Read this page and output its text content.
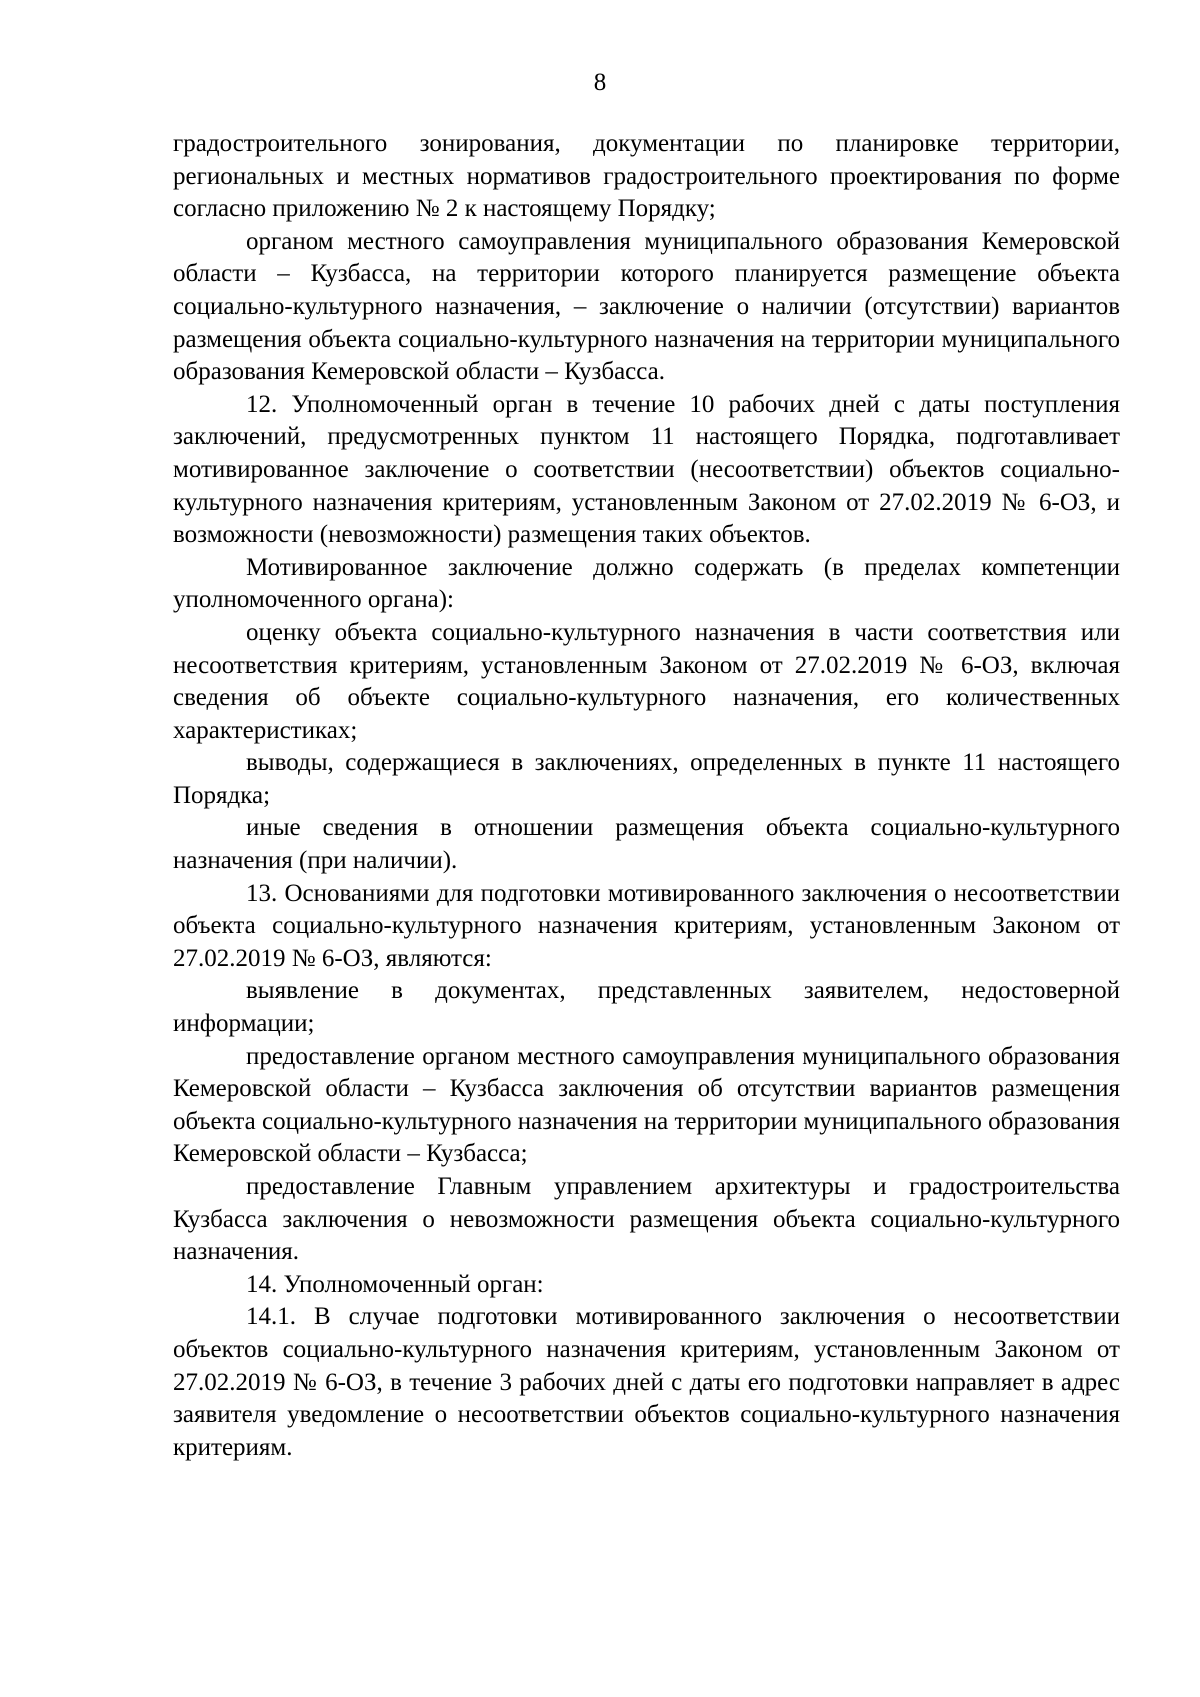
8

градостроительного зонирования, документации по планировке территории, региональных и местных нормативов градостроительного проектирования по форме согласно приложению № 2 к настоящему Порядку;

органом местного самоуправления муниципального образования Кемеровской области – Кузбасса, на территории которого планируется размещение объекта социально-культурного назначения, – заключение о наличии (отсутствии) вариантов размещения объекта социально-культурного назначения на территории муниципального образования Кемеровской области – Кузбасса.

12. Уполномоченный орган в течение 10 рабочих дней с даты поступления заключений, предусмотренных пунктом 11 настоящего Порядка, подготавливает мотивированное заключение о соответствии (несоответствии) объектов социально-культурного назначения критериям, установленным Законом от 27.02.2019 № 6-ОЗ, и возможности (невозможности) размещения таких объектов.

Мотивированное заключение должно содержать (в пределах компетенции уполномоченного органа):

оценку объекта социально-культурного назначения в части соответствия или несоответствия критериям, установленным Законом от 27.02.2019 № 6-ОЗ, включая сведения об объекте социально-культурного назначения, его количественных характеристиках;

выводы, содержащиеся в заключениях, определенных в пункте 11 настоящего Порядка;

иные сведения в отношении размещения объекта социально-культурного назначения (при наличии).

13. Основаниями для подготовки мотивированного заключения о несоответствии объекта социально-культурного назначения критериям, установленным Законом от 27.02.2019 № 6-ОЗ, являются:

выявление в документах, представленных заявителем, недостоверной информации;

предоставление органом местного самоуправления муниципального образования Кемеровской области – Кузбасса заключения об отсутствии вариантов размещения объекта социально-культурного назначения на территории муниципального образования Кемеровской области – Кузбасса;

предоставление Главным управлением архитектуры и градостроительства Кузбасса заключения о невозможности размещения объекта социально-культурного назначения.

14. Уполномоченный орган:

14.1. В случае подготовки мотивированного заключения о несоответствии объектов социально-культурного назначения критериям, установленным Законом от 27.02.2019 № 6-ОЗ, в течение 3 рабочих дней с даты его подготовки направляет в адрес заявителя уведомление о несоответствии объектов социально-культурного назначения критериям.
